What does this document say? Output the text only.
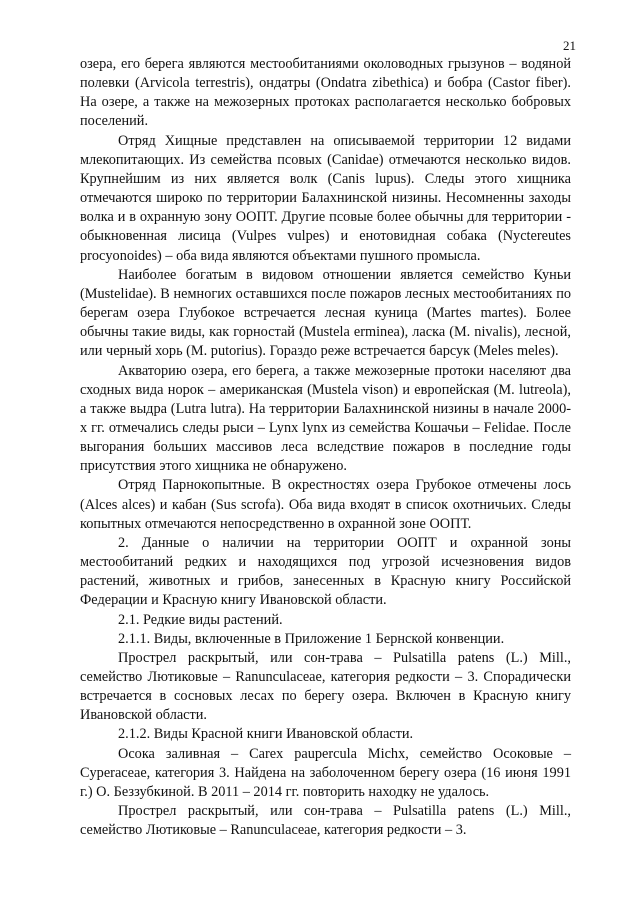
21

озера, его берега являются местообитаниями околоводных грызунов – водяной полевки (Arvicola terrestris), ондатры (Ondatra zibethica) и бобра (Castor fiber). На озере, а также на межозерных протоках располагается несколько бобровых поселений.

Отряд Хищные представлен на описываемой территории 12 видами млекопитающих. Из семейства псовых (Canidae) отмечаются несколько видов. Крупнейшим из них является волк (Canis lupus). Следы этого хищника отмечаются широко по территории Балахнинской низины. Несомненны заходы волка и в охранную зону ООПТ. Другие псовые более обычны для территории - обыкновенная лисица (Vulpes vulpes) и енотовидная собака (Nyctereutes procyonoides) – оба вида являются объектами пушного промысла.

Наиболее богатым в видовом отношении является семейство Куньи (Mustelidae). В немногих оставшихся после пожаров лесных местообитаниях по берегам озера Глубокое встречается лесная куница (Martes martes). Более обычны такие виды, как горностай (Mustela erminea), ласка (M. nivalis), лесной, или черный хорь (M. putorius). Гораздо реже встречается барсук (Meles meles).

Акваторию озера, его берега, а также межозерные протоки населяют два сходных вида норок – американская (Mustela vison) и европейская (M. lutreola), а также выдра (Lutra lutra). На территории Балахнинской низины в начале 2000-х гг. отмечались следы рыси – Lynx lynx из семейства Кошачьи – Felidae. После выгорания больших массивов леса вследствие пожаров в последние годы присутствия этого хищника не обнаружено.

Отряд Парнокопытные. В окрестностях озера Грубокое отмечены лось (Alces alces) и кабан (Sus scrofa). Оба вида входят в список охотничьих. Следы копытных отмечаются непосредственно в охранной зоне ООПТ.

2. Данные о наличии на территории ООПТ и охранной зоны местообитаний редких и находящихся под угрозой исчезновения видов растений, животных и грибов, занесенных в Красную книгу Российской Федерации и Красную книгу Ивановской области.

2.1. Редкие виды растений.

2.1.1. Виды, включенные в Приложение 1 Бернской конвенции.

Прострел раскрытый, или сон-трава – Pulsatilla patens (L.) Mill., семейство Лютиковые – Ranunculaceae, категория редкости – 3. Спорадически встречается в сосновых лесах по берегу озера. Включен в Красную книгу Ивановской области.

2.1.2. Виды Красной книги Ивановской области.

Осока заливная – Carex paupercula Michx, семейство Осоковые – Cyperaceae, категория 3. Найдена на заболоченном берегу озера (16 июня 1991 г.) О. Беззубкиной. В 2011 – 2014 гг. повторить находку не удалось.

Прострел раскрытый, или сон-трава – Pulsatilla patens (L.) Mill., семейство Лютиковые – Ranunculaceae, категория редкости – 3.
